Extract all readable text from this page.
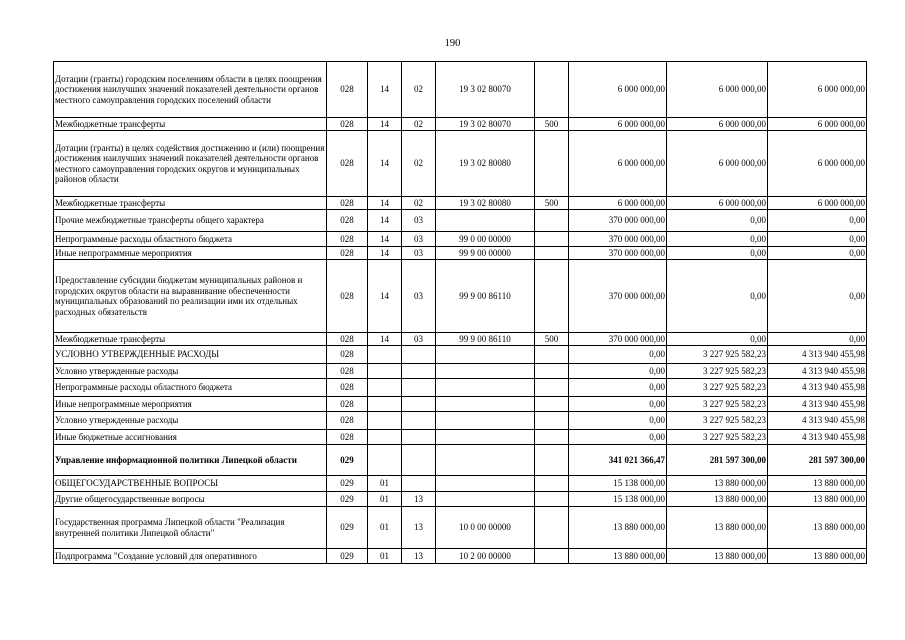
190
Дотации (гранты) городским поселениям области в целях поощрения достижения наилучших значений показателей деятельности органов местного самоуправления городских поселений области	028	14	02	19 3 02 80070		6 000 000,00	6 000 000,00	6 000 000,00
Межбюджетные трансферты	028	14	02	19 3 02 80070	500	6 000 000,00	6 000 000,00	6 000 000,00
Дотации (гранты) в целях содействия достижению и (или) поощрения достижения наилучших значений показателей деятельности органов местного самоуправления городских округов и муниципальных районов области	028	14	02	19 3 02 80080		6 000 000,00	6 000 000,00	6 000 000,00
Межбюджетные трансферты	028	14	02	19 3 02 80080	500	6 000 000,00	6 000 000,00	6 000 000,00
Прочие межбюджетные трансферты общего характера	028	14	03			370 000 000,00	0,00	0,00
Непрограммные расходы областного бюджета	028	14	03	99 0 00 00000		370 000 000,00	0,00	0,00
Иные непрограммные мероприятия	028	14	03	99 9 00 00000		370 000 000,00	0,00	0,00
Предоставление субсидии бюджетам муниципальных районов и городских округов области на выравнивание обеспеченности муниципальных образований по реализации ими их отдельных расходных обязательств	028	14	03	99 9 00 86110		370 000 000,00	0,00	0,00
Межбюджетные трансферты	028	14	03	99 9 00 86110	500	370 000 000,00	0,00	0,00
УСЛОВНО УТВЕРЖДЕННЫЕ РАСХОДЫ	028					0,00	3 227 925 582,23	4 313 940 455,98
Условно утвержденные расходы	028					0,00	3 227 925 582,23	4 313 940 455,98
Непрограммные расходы областного бюджета	028					0,00	3 227 925 582,23	4 313 940 455,98
Иные непрограммные мероприятия	028					0,00	3 227 925 582,23	4 313 940 455,98
Условно утвержденные расходы	028					0,00	3 227 925 582,23	4 313 940 455,98
Иные бюджетные ассигнования	028					0,00	3 227 925 582,23	4 313 940 455,98
Управление информационной политики Липецкой области	029					341 021 366,47	281 597 300,00	281 597 300,00
ОБЩЕГОСУДАРСТВЕННЫЕ ВОПРОСЫ	029	01				15 138 000,00	13 880 000,00	13 880 000,00
Другие общегосударственные вопросы	029	01	13			15 138 000,00	13 880 000,00	13 880 000,00
Государственная программа Липецкой области "Реализация внутренней политики Липецкой области"	029	01	13	10 0 00 00000		13 880 000,00	13 880 000,00	13 880 000,00
Подпрограмма "Создание условий для оперативного	029	01	13	10 2 00 00000		13 880 000,00	13 880 000,00	13 880 000,00
